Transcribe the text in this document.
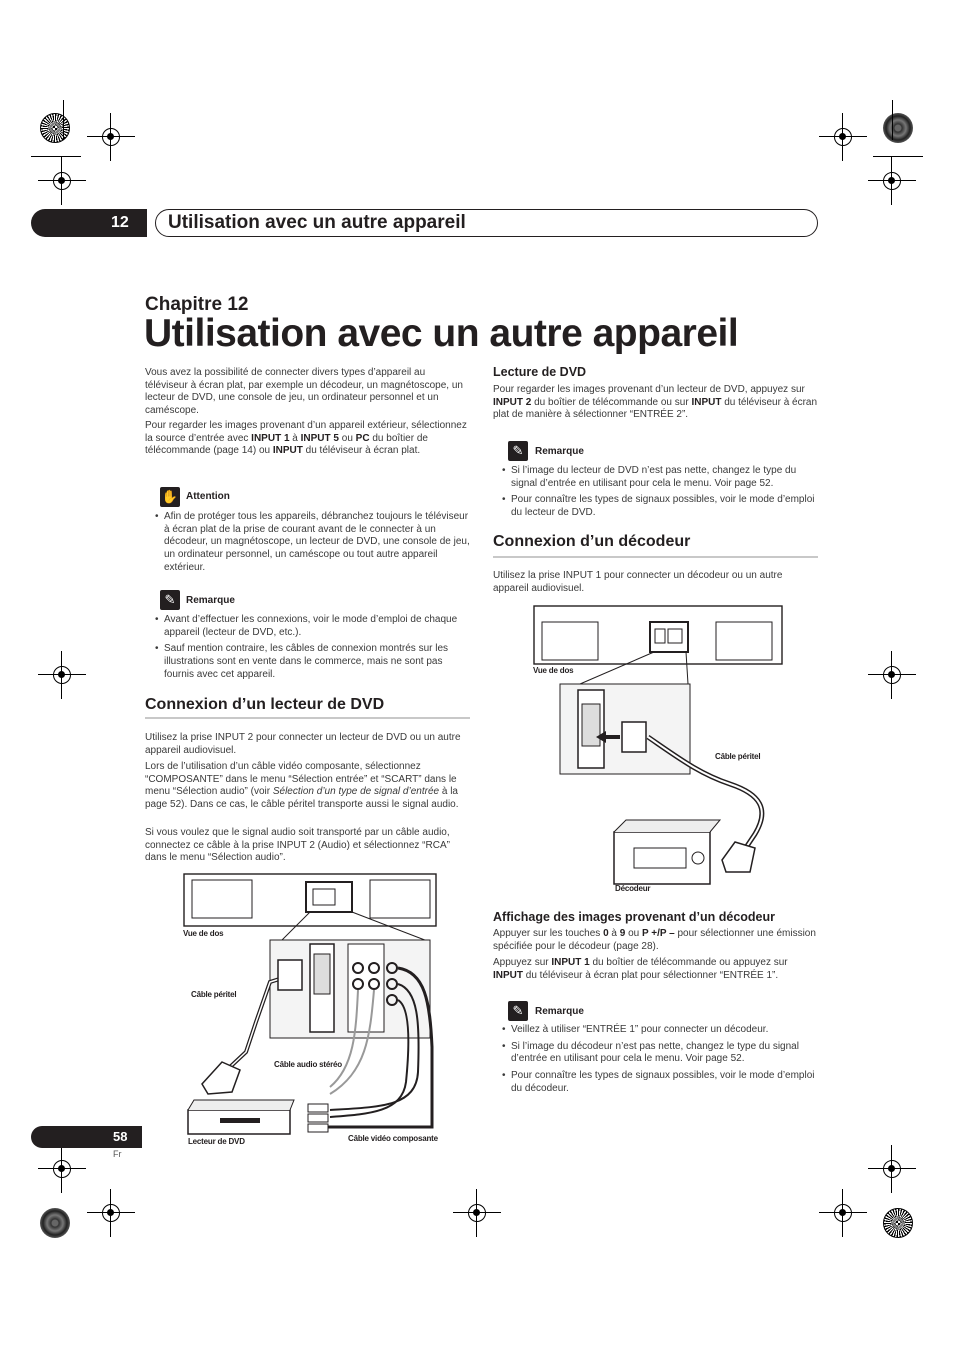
12	Utilisation avec un autre appareil
Chapitre 12
Utilisation avec un autre appareil
Vous avez la possibilité de connecter divers types d’appareil au téléviseur à écran plat, par exemple un décodeur, un magnétoscope, un lecteur de DVD, une console de jeu, un ordinateur personnel et un caméscope.
Pour regarder les images provenant d’un appareil extérieur, sélectionnez la source d’entrée avec INPUT 1 à INPUT 5 ou PC du boîtier de télécommande (page 14) ou INPUT du téléviseur à écran plat.
✋ Attention
• Afin de protéger tous les appareils, débranchez toujours le téléviseur à écran plat de la prise de courant avant de le connecter à un décodeur, un magnétoscope, un lecteur de DVD, une console de jeu, un ordinateur personnel, un caméscope ou tout autre appareil extérieur.
✎	Remarque
• Avant d’effectuer les connexions, voir le mode d’emploi de chaque appareil (lecteur de DVD, etc.).
• Sauf mention contraire, les câbles de connexion montrés sur les illustrations sont en vente dans le commerce, mais ne sont pas fournis avec cet appareil.
Connexion d’un lecteur de DVD
Utilisez la prise INPUT 2 pour connecter un lecteur de DVD ou un autre appareil audiovisuel.
Lors de l’utilisation d’un câble vidéo composante, sélectionnez “COMPOSANTE” dans le menu “Sélection entrée” et “SCART” dans le menu “Sélection audio” (voir Sélection d’un type de signal d’entrée à la page 52). Dans ce cas, le câble péritel transporte aussi le signal audio.
Si vous voulez que le signal audio soit transporté par un câble audio, connectez ce câble à la prise INPUT 2 (Audio) et sélectionnez “RCA” dans le menu “Sélection audio”.
Vue de dos
Câble péritel
Câble audio stéréo
Lecteur de DVD	Câble vidéo composante
Lecture de DVD
Pour regarder les images provenant d’un lecteur de DVD, appuyez sur INPUT 2 du boîtier de télécommande ou sur INPUT du téléviseur à écran plat de manière à sélectionner “ENTRÉE 2”.
✎	Remarque
• Si l’image du lecteur de DVD n’est pas nette, changez le type du signal d’entrée en utilisant pour cela le menu. Voir page 52.
• Pour connaître les types de signaux possibles, voir le mode d’emploi du lecteur de DVD.
Connexion d’un décodeur
Utilisez la prise INPUT 1 pour connecter un décodeur ou un autre appareil audiovisuel.
Vue de dos
Câble péritel
Décodeur
Affichage des images provenant d’un décodeur
Appuyer sur les touches 0 à 9 ou P +/P – pour sélectionner une émission spécifiée pour le décodeur (page 28).
Appuyez sur INPUT 1 du boîtier de télécommande ou appuyez sur INPUT du téléviseur à écran plat pour sélectionner “ENTRÉE 1”.
✎	Remarque
• Veillez à utiliser “ENTRÉE 1” pour connecter un décodeur.
• Si l’image du décodeur n’est pas nette, changez le type du signal d’entrée en utilisant pour cela le menu. Voir page 52.
• Pour connaître les types de signaux possibles, voir le mode d’emploi du décodeur.
58
Fr
